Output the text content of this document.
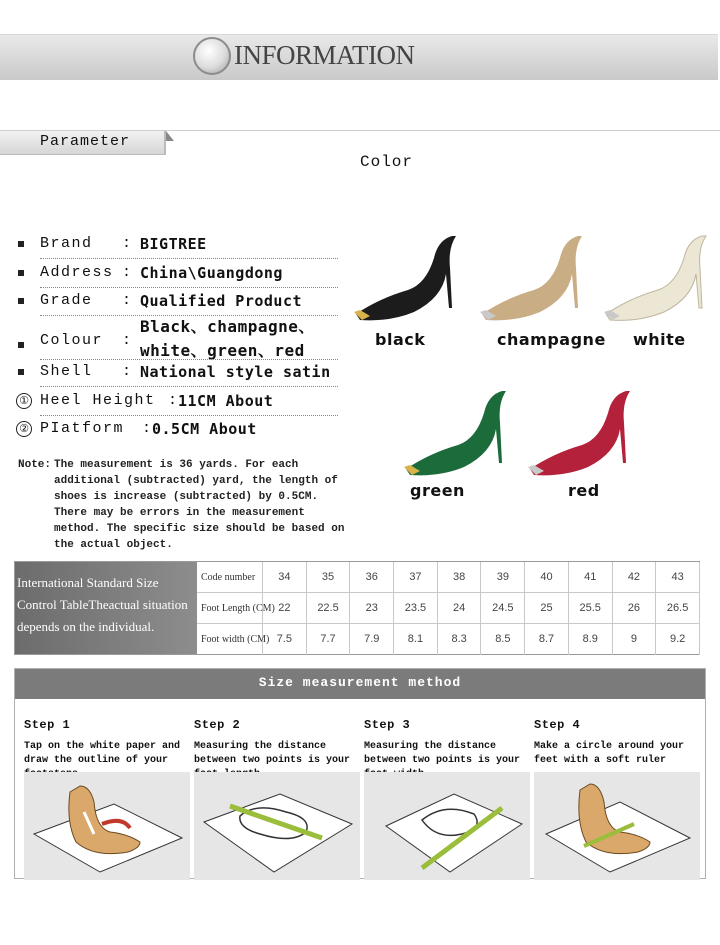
INFORMATION
Parameter
Color
Brand : BIGTREE
Address : China\Guangdong
Grade : Qualified Product
Colour :
Black、champagne、
white、green、red
Shell : National style satin
① Heel Height : 11CM About
② PIatform : 0.5CM About
Note: The measurement is 36 yards. For each additional (subtracted) yard, the length of shoes is increase (subtracted) by 0.5CM. There may be errors in the measurement method. The specific size should be based on the actual object.
black	champagne white
green	red
International Standard Size
Control TableTheactual situation
depends on the individual.
Code number	34	35	36	37	38	39	40	41	42	43
Foot Length (CM) 22	22.5	23	23.5	24	24.5	25	25.5	26	26.5
Foot width (CM) 7.5	7.7	7.9	8.1	8.3	8.5	8.7	8.9	9	9.2
Size measurement method
Step 1
Tap on the white paper and draw the outline of your
Step 2
Measuring the distance between two points is your
Step 3
Measuring the distance between two points is your
Step 4
Make a circle around your feet with a soft ruler
